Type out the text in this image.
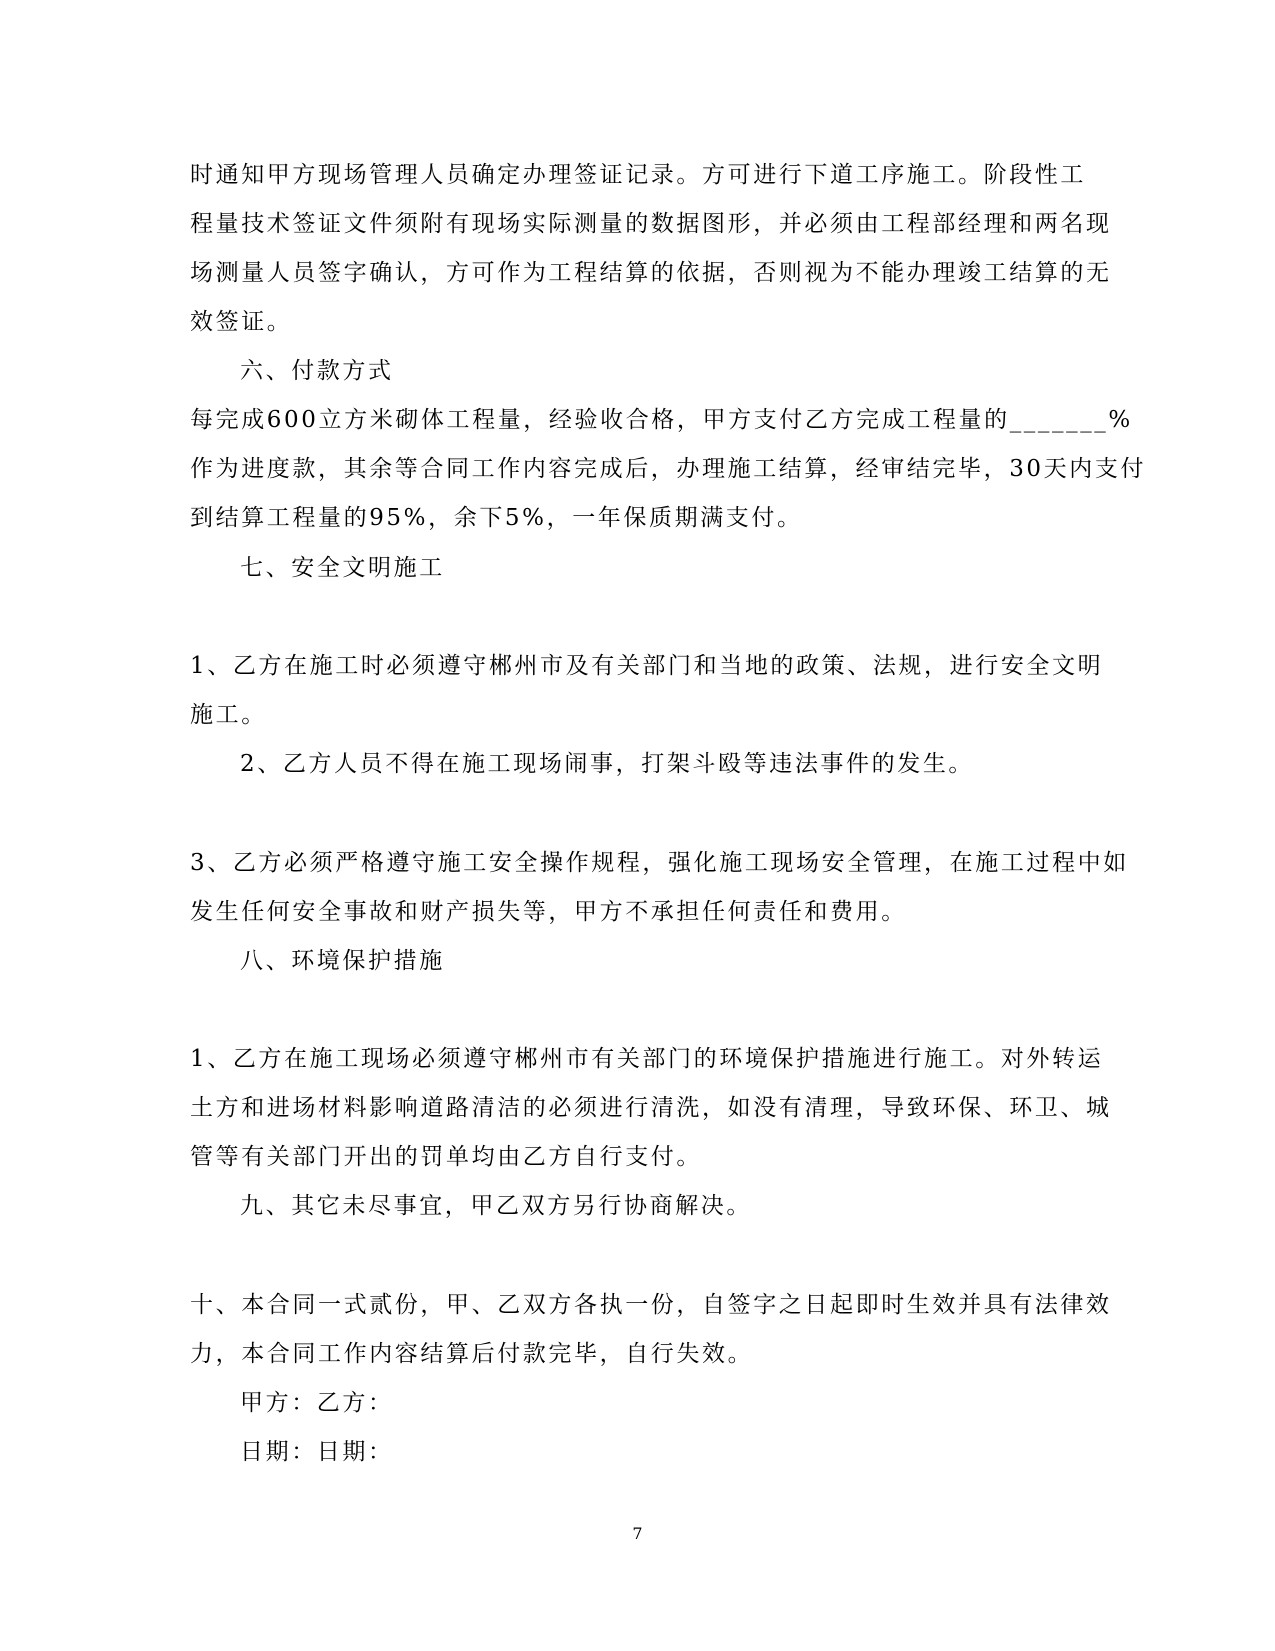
时通知甲方现场管理人员确定办理签证记录。方可进行下道工序施工。阶段性工
程量技术签证文件须附有现场实际测量的数据图形，并必须由工程部经理和两名现
场测量人员签字确认，方可作为工程结算的依据，否则视为不能办理竣工结算的无
效签证。
六、付款方式
每完成600立方米砌体工程量，经验收合格，甲方支付乙方完成工程量的_______%
作为进度款，其余等合同工作内容完成后，办理施工结算，经审结完毕，30天内支付
到结算工程量的95%，余下5%，一年保质期满支付。
七、安全文明施工
1、乙方在施工时必须遵守郴州市及有关部门和当地的政策、法规，进行安全文明
施工。
2、乙方人员不得在施工现场闹事，打架斗殴等违法事件的发生。
3、乙方必须严格遵守施工安全操作规程，强化施工现场安全管理，在施工过程中如
发生任何安全事故和财产损失等，甲方不承担任何责任和费用。
八、环境保护措施
1、乙方在施工现场必须遵守郴州市有关部门的环境保护措施进行施工。对外转运
土方和进场材料影响道路清洁的必须进行清洗，如没有清理，导致环保、环卫、城
管等有关部门开出的罚单均由乙方自行支付。
九、其它未尽事宜，甲乙双方另行协商解决。
十、本合同一式贰份，甲、乙双方各执一份，自签字之日起即时生效并具有法律效
力，本合同工作内容结算后付款完毕，自行失效。
甲方：乙方：
日期：日期：
7
